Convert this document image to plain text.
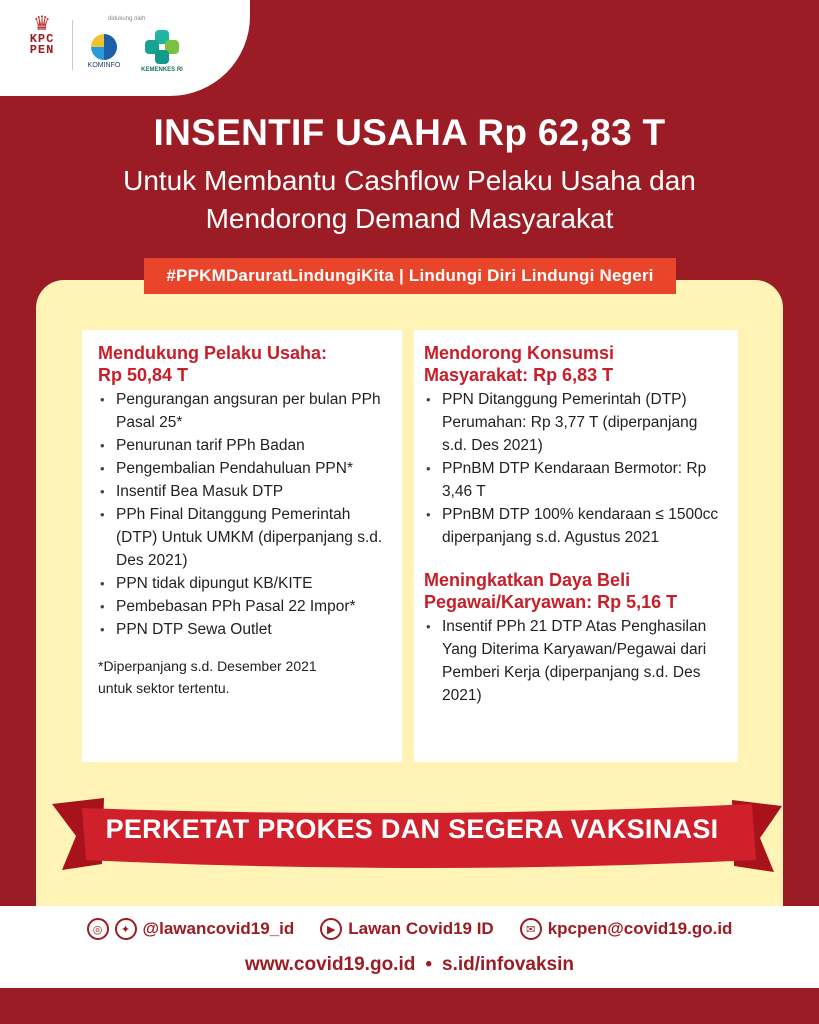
♛
KPC PEN
didukung oleh
KOMINFO
KEMENKES RI
INSENTIF USAHA Rp 62,83 T
Untuk Membantu Cashflow Pelaku Usaha dan
Mendorong Demand Masyarakat
#PPKMDaruratLindungiKita | Lindungi Diri Lindungi Negeri

Mendukung Pelaku Usaha:
Rp 50,84 T

• Pengurangan angsuran per bulan PPh Pasal 25*
• Penurunan tarif PPh Badan
• Pengembalian Pendahuluan PPN*
• Insentif Bea Masuk DTP
• PPh Final Ditanggung Pemerintah (DTP) Untuk UMKM (diperpanjang s.d. Des 2021)
• PPN tidak dipungut KB/KITE
• Pembebasan PPh Pasal 22 Impor*
• PPN DTP Sewa Outlet
*Diperpanjang s.d. Desember 2021
untuk sektor tertentu.

Mendorong Konsumsi
Masyarakat: Rp 6,83 T

• PPN Ditanggung Pemerintah (DTP) Perumahan: Rp 3,77 T (diperpanjang s.d. Des 2021)
• PPnBM DTP Kendaraan Bermotor: Rp 3,46 T
• PPnBM DTP 100% kendaraan ≤ 1500cc diperpanjang s.d. Agustus 2021

Meningkatkan Daya Beli
Pegawai/Karyawan: Rp 5,16 T

• Insentif PPh 21 DTP Atas Penghasilan Yang Diterima Karyawan/Pegawai dari Pemberi Kerja (diperpanjang s.d. Des 2021)
PERKETAT PROKES DAN SEGERA VAKSINASI
◎	✦ @lawancovid19_id	▶ Lawan Covid19 ID	✉ kpcpen@covid19.go.id
www.covid19.go.id • s.id/infovaksin
